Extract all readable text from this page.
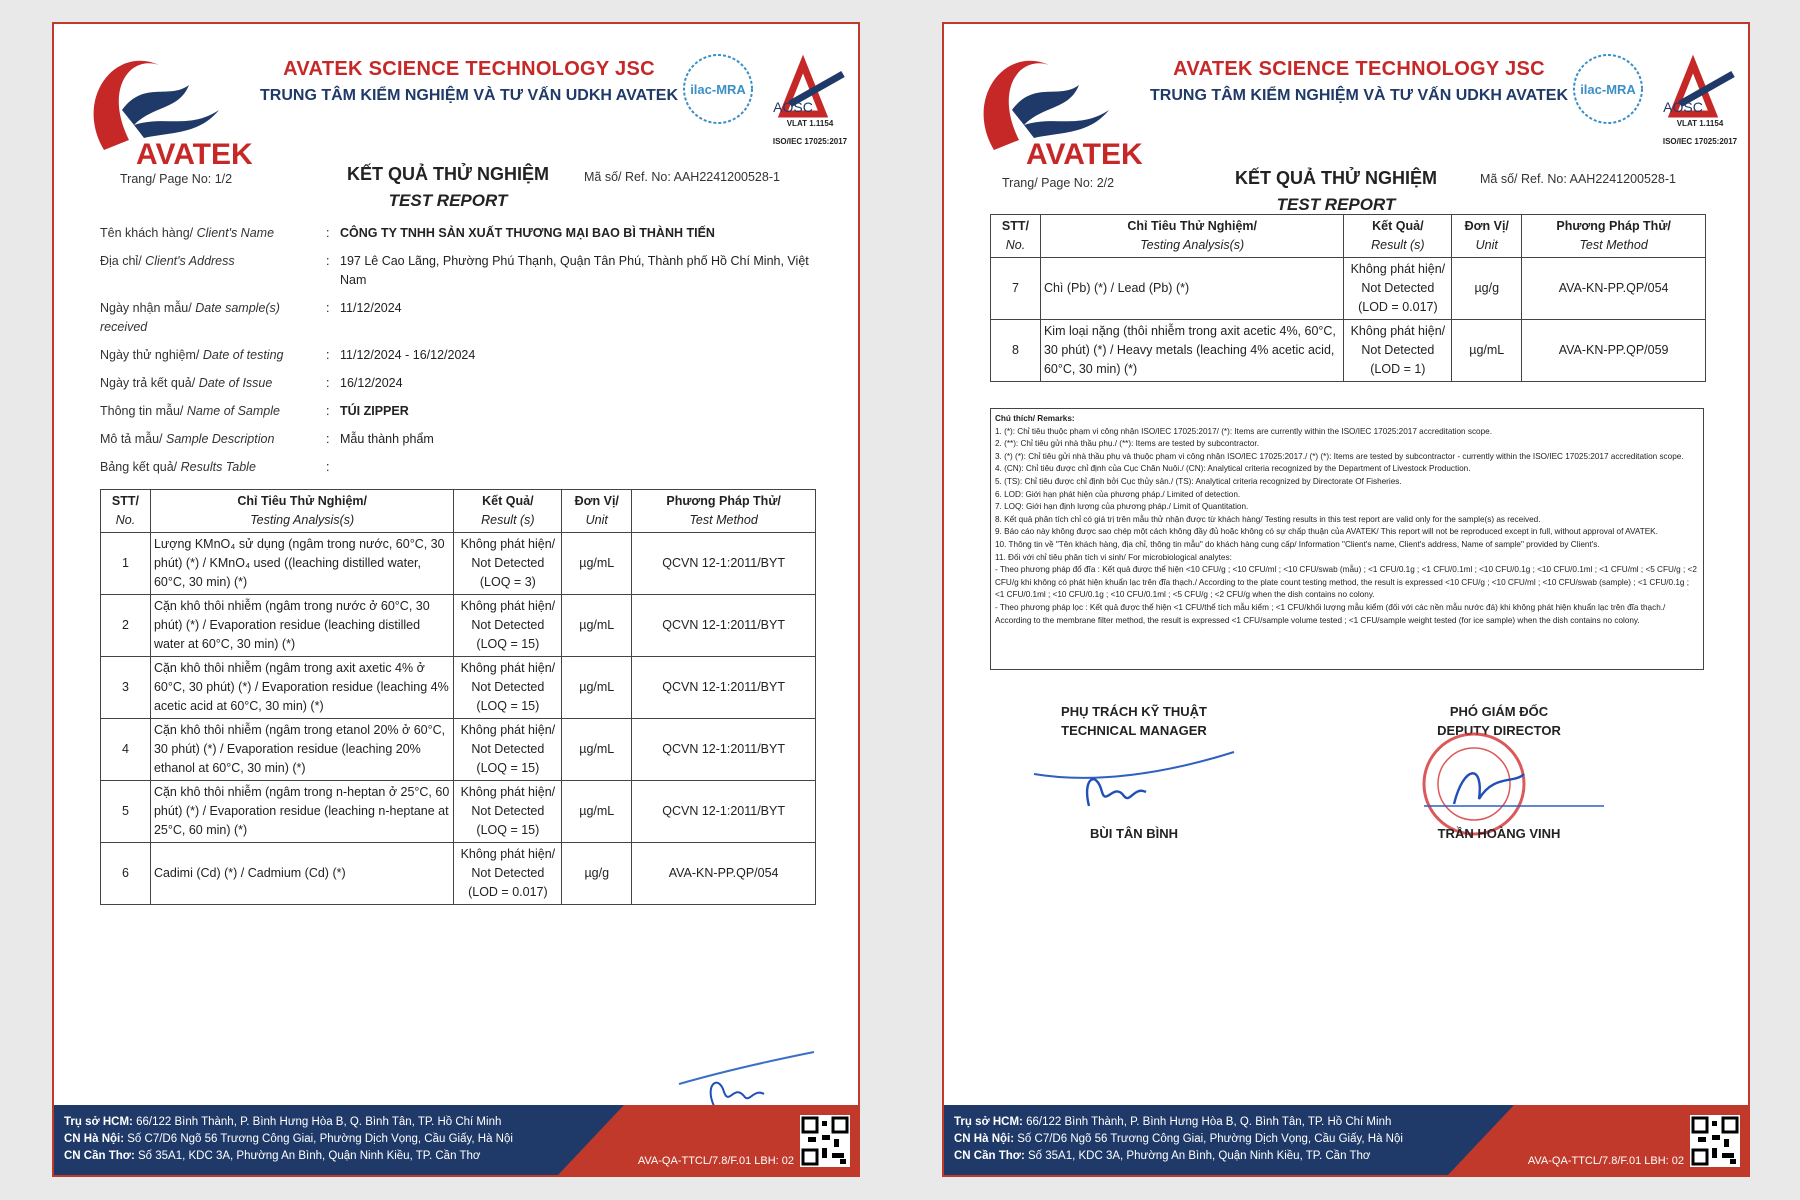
AVATEK
AVATEK SCIENCE TECHNOLOGY JSC
TRUNG TÂM KIỂM NGHIỆM VÀ TƯ VẤN UDKH AVATEK ilac-MRA
AOSC
VLAT 1.1154
ISO/IEC 17025:2017
Trang/ Page No: 1/2	KẾT QUẢ THỬ NGHIỆM
TEST REPORT
Mã số/ Ref. No: AAH2241200528-1
Tên khách hàng/ Client's Name	: CÔNG TY TNHH SẢN XUẤT THƯƠNG MẠI BAO BÌ THÀNH TIẾN
Địa chỉ/ Client's Address	: 197 Lê Cao Lãng, Phường Phú Thạnh, Quận Tân Phú, Thành phố Hồ Chí Minh, Việt Nam
Ngày nhận mẫu/ Date sample(s) received
: 11/12/2024
Ngày thử nghiệm/ Date of testing	: 11/12/2024 - 16/12/2024
Ngày trả kết quả/ Date of Issue	: 16/12/2024
Thông tin mẫu/ Name of Sample	: TÚI ZIPPER
Mô tả mẫu/ Sample Description	: Mẫu thành phẩm
Bảng kết quả/ Results Table	:
STT/
No.	Chỉ Tiêu Thử Nghiệm/
Testing Analysis(s)	Kết Quả/
Result (s)	Đơn Vị/
Unit	Phương Pháp Thử/
Test Method
1	Lượng KMnO₄ sử dụng (ngâm trong nước, 60°C, 30 phút) (*) / KMnO₄ used ((leaching distilled water, 60°C, 30 min) (*)	Không phát hiện/
Not Detected
(LOQ = 3)	µg/mL	QCVN 12-1:2011/BYT
2	Cặn khô thôi nhiễm (ngâm trong nước ở 60°C, 30 phút) (*) / Evaporation residue (leaching distilled water at 60°C, 30 min) (*)	Không phát hiện/
Not Detected
(LOQ = 15)	µg/mL	QCVN 12-1:2011/BYT
3	Cặn khô thôi nhiễm (ngâm trong axit axetic 4% ở 60°C, 30 phút) (*) / Evaporation residue (leaching 4% acetic acid at 60°C, 30 min) (*)	Không phát hiện/
Not Detected
(LOQ = 15)	µg/mL	QCVN 12-1:2011/BYT
4	Cặn khô thôi nhiễm (ngâm trong etanol 20% ở 60°C, 30 phút) (*) / Evaporation residue (leaching 20% ethanol at 60°C, 30 min) (*)	Không phát hiện/
Not Detected
(LOQ = 15)	µg/mL	QCVN 12-1:2011/BYT
5	Cặn khô thôi nhiễm (ngâm trong n-heptan ở 25°C, 60 phút) (*) / Evaporation residue (leaching n-heptane at 25°C, 60 min) (*)	Không phát hiện/
Not Detected
(LOQ = 15)	µg/mL	QCVN 12-1:2011/BYT
6	Cadimi (Cd) (*) / Cadmium (Cd) (*)	Không phát hiện/
Not Detected
(LOD = 0.017)	µg/g	AVA-KN-PP.QP/054
Trụ sở HCM: 66/122 Bình Thành, P. Bình Hưng Hòa B, Q. Bình Tân, TP. Hồ Chí Minh
CN Hà Nội: Số C7/D6 Ngõ 56 Trương Công Giai, Phường Dịch Vọng, Cầu Giấy, Hà Nội
CN Cần Thơ: Số 35A1, KDC 3A, Phường An Bình, Quận Ninh Kiều, TP. Cần Thơ	AVA-QA-TTCL/7.8/F.01 LBH: 02
AVATEK
AVATEK SCIENCE TECHNOLOGY JSC
TRUNG TÂM KIỂM NGHIỆM VÀ TƯ VẤN UDKH AVATEK ilac-MRA
AOSC
VLAT 1.1154
ISO/IEC 17025:2017
Trang/ Page No: 2/2	KẾT QUẢ THỬ NGHIỆM
TEST REPORT
Mã số/ Ref. No: AAH2241200528-1
STT/
No.	Chỉ Tiêu Thử Nghiệm/
Testing Analysis(s)	Kết Quả/
Result (s)	Đơn Vị/
Unit	Phương Pháp Thử/
Test Method
7	Chì (Pb) (*) / Lead (Pb) (*)	Không phát hiện/
Not Detected
(LOD = 0.017)	µg/g	AVA-KN-PP.QP/054
8	Kim loại nặng (thôi nhiễm trong axit acetic 4%, 60°C, 30 phút) (*) / Heavy metals (leaching 4% acetic acid, 60°C, 30 min) (*)	Không phát hiện/
Not Detected
(LOD = 1)	µg/mL	AVA-KN-PP.QP/059
Chú thích/ Remarks:
1. (*): Chỉ tiêu thuộc phạm vi công nhận ISO/IEC 17025:2017/ (*): Items are currently within the ISO/IEC 17025:2017 accreditation scope.
2. (**): Chỉ tiêu gửi nhà thầu phụ./ (**): Items are tested by subcontractor.
3. (*) (*): Chỉ tiêu gửi nhà thầu phụ và thuộc phạm vi công nhận ISO/IEC 17025:2017./ (*) (*): Items are tested by subcontractor - currently within the ISO/IEC 17025:2017 accreditation scope.
4. (CN): Chỉ tiêu được chỉ định của Cục Chăn Nuôi./ (CN): Analytical criteria recognized by the Department of Livestock Production.
5. (TS): Chỉ tiêu được chỉ định bởi Cục thủy sản./ (TS): Analytical criteria recognized by Directorate Of Fisheries.
6. LOD: Giới hạn phát hiện của phương pháp./ Limited of detection.
7. LOQ: Giới hạn định lượng của phương pháp./ Limit of Quantitation.
8. Kết quả phân tích chỉ có giá trị trên mẫu thử nhận được từ khách hàng/ Testing results in this test report are valid only for the sample(s) as received.
9. Báo cáo này không được sao chép một cách không đầy đủ hoặc không có sự chấp thuận của AVATEK/ This report will not be reproduced except in full, without approval of AVATEK.
10. Thông tin về "Tên khách hàng, địa chỉ, thông tin mẫu" do khách hàng cung cấp/ Information "Client's name, Client's address, Name of sample" provided by Client's.
11. Đối với chỉ tiêu phân tích vi sinh/ For microbiological analytes:
- Theo phương pháp đổ đĩa : Kết quả được thể hiện <10 CFU/g ; <10 CFU/ml ; <10 CFU/swab (mẫu) ; <1 CFU/0.1g ; <1 CFU/0.1ml ; <10 CFU/0.1g ; <10 CFU/0.1ml ; <1 CFU/ml ; <5 CFU/g ; <2 CFU/g khi không có phát hiện khuẩn lạc trên đĩa thạch./ According to the plate count testing method, the result is expressed <10 CFU/g ; <10 CFU/ml ; <10 CFU/swab (sample) ; <1 CFU/0.1g ; <1 CFU/0.1ml ; <10 CFU/0.1g ; <10 CFU/0.1ml ; <5 CFU/g ; <2 CFU/g when the dish contains no colony.
- Theo phương pháp lọc : Kết quả được thể hiện <1 CFU/thể tích mẫu kiểm ; <1 CFU/khối lượng mẫu kiểm (đối với các nền mẫu nước đá) khi không phát hiện khuẩn lạc trên đĩa thạch./ According to the membrane filter method, the result is expressed <1 CFU/sample volume tested ; <1 CFU/sample weight tested (for ice sample) when the dish contains no colony.
PHỤ TRÁCH KỸ THUẬT
TECHNICAL MANAGER
BÙI TÂN BÌNH
PHÓ GIÁM ĐỐC
DEPUTY DIRECTOR
TRẦN HOÀNG VINH
Trụ sở HCM: 66/122 Bình Thành, P. Bình Hưng Hòa B, Q. Bình Tân, TP. Hồ Chí Minh
CN Hà Nội: Số C7/D6 Ngõ 56 Trương Công Giai, Phường Dịch Vọng, Cầu Giấy, Hà Nội
CN Cần Thơ: Số 35A1, KDC 3A, Phường An Bình, Quận Ninh Kiều, TP. Cần Thơ	AVA-QA-TTCL/7.8/F.01 LBH: 02
